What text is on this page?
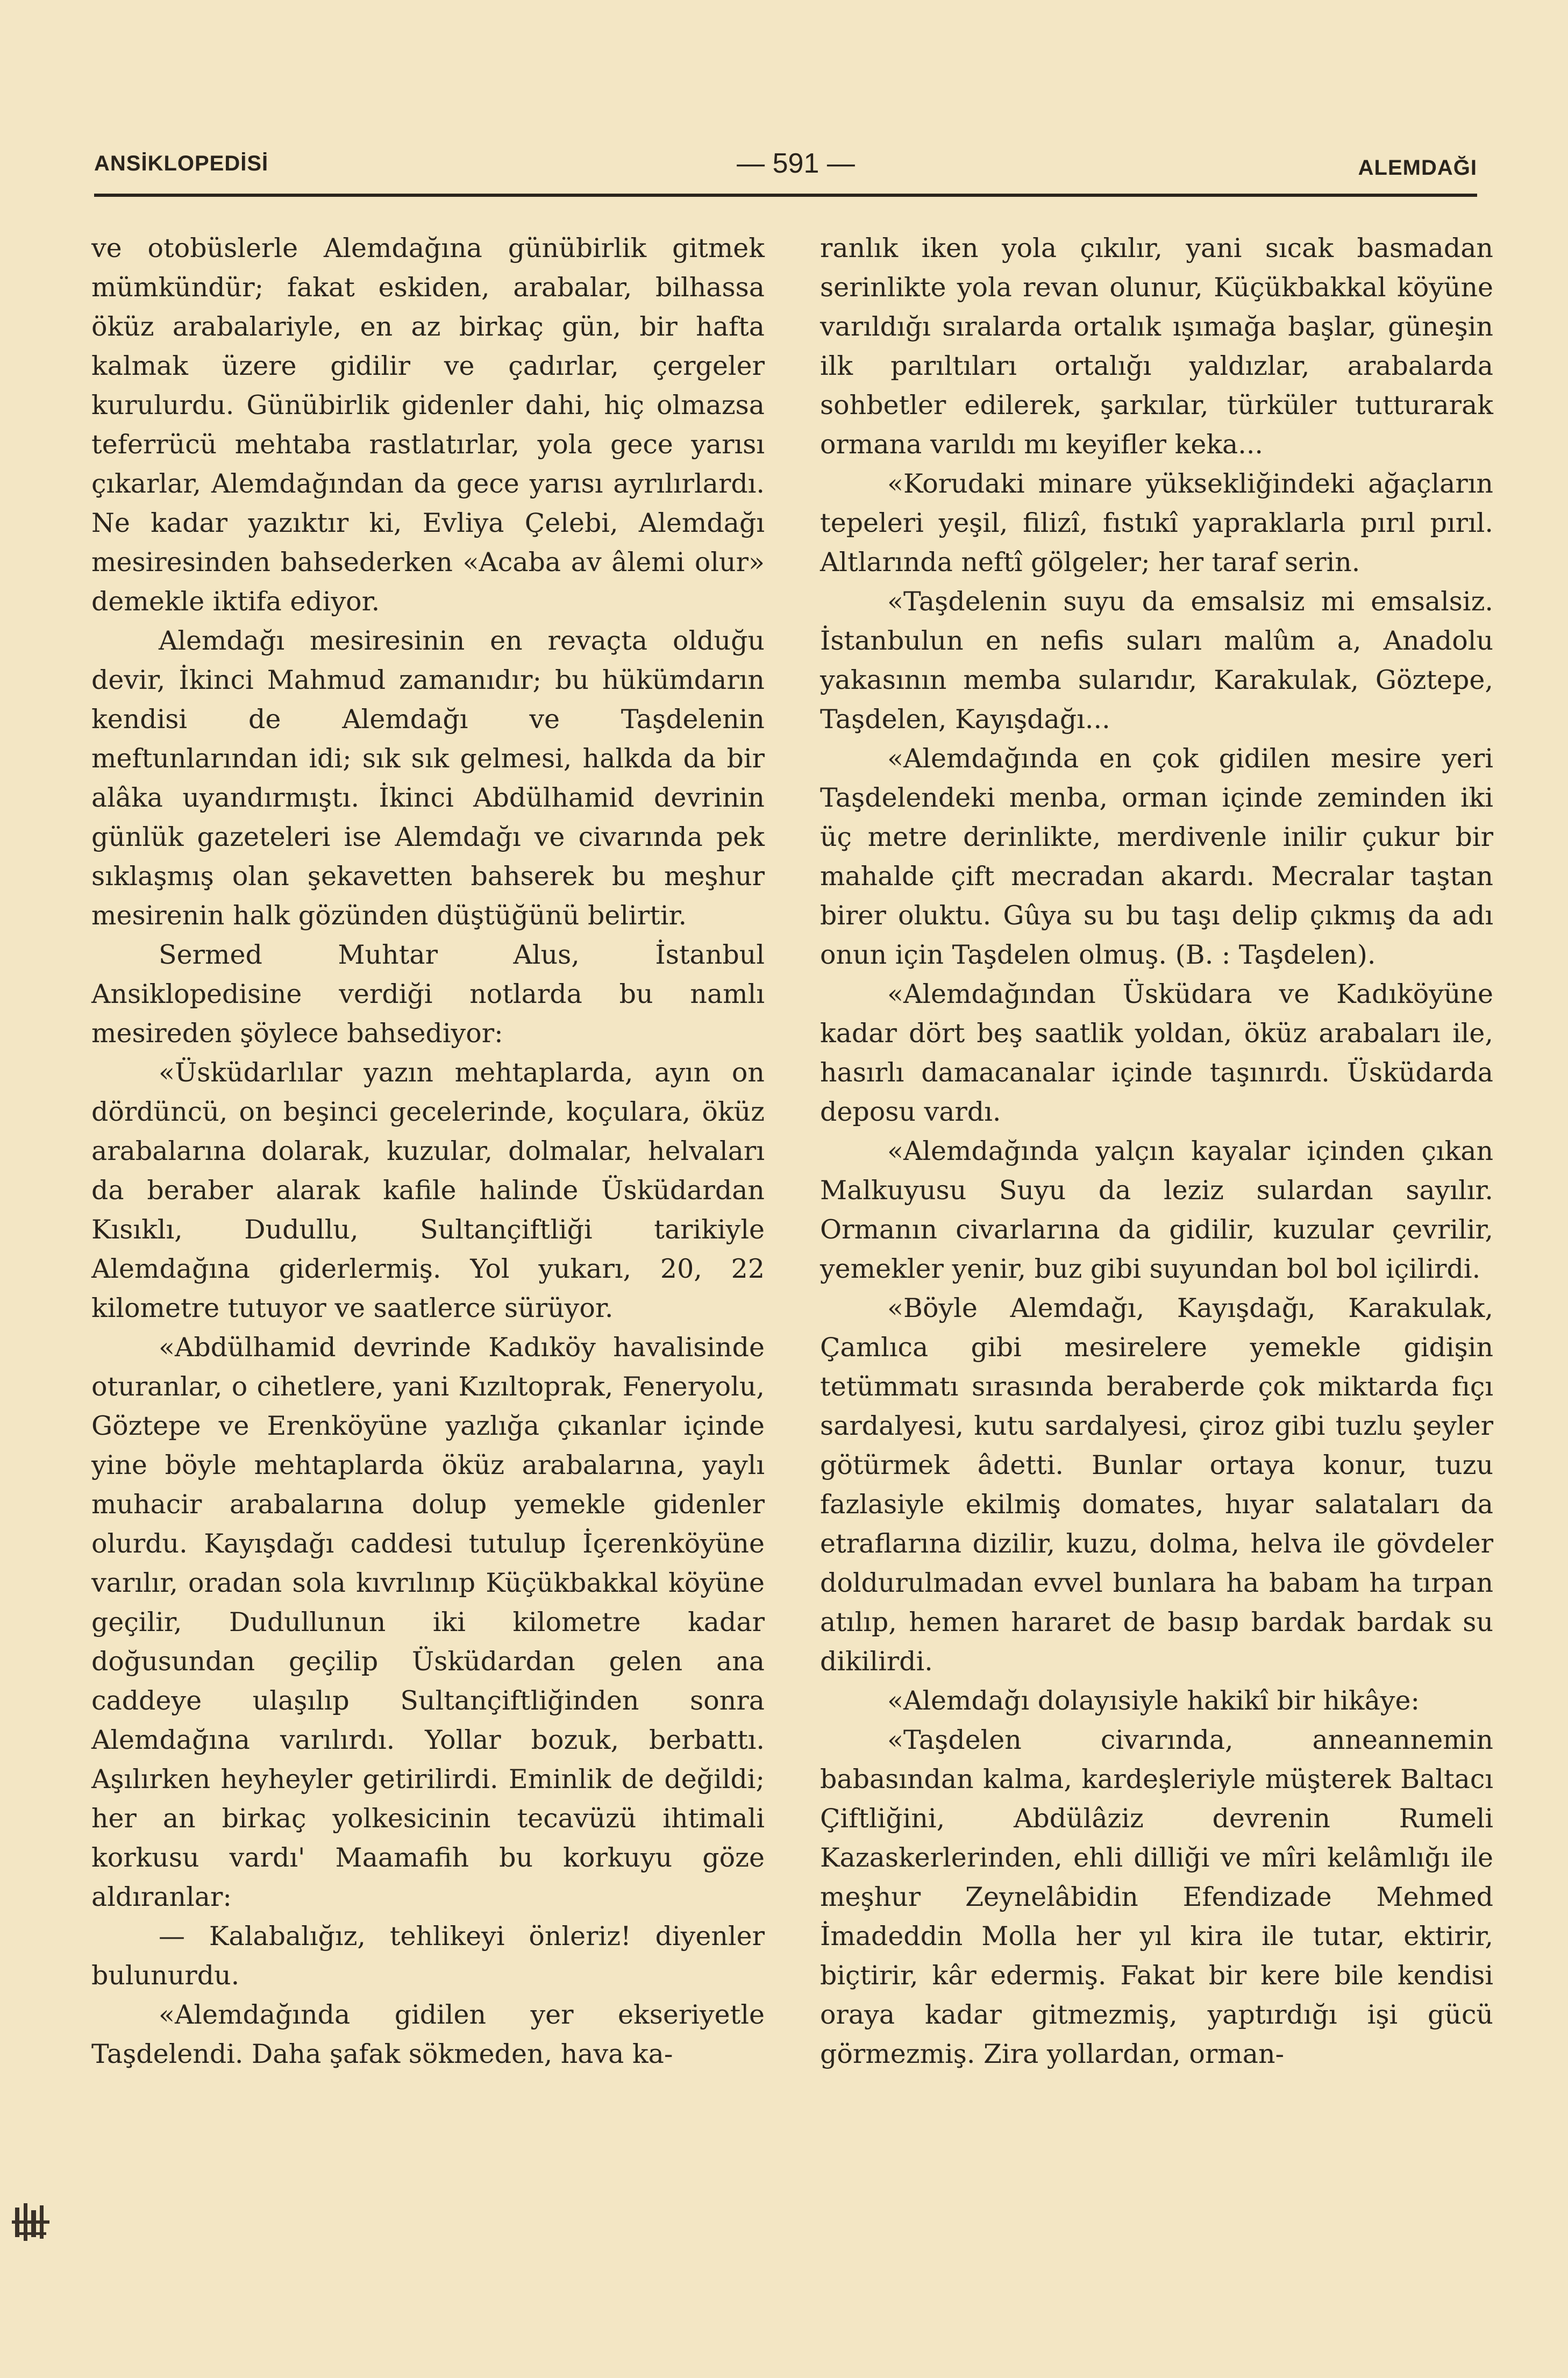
ANSİKLOPEDİSİ	— 591 —	ALEMDAĞI

ve otobüslerle Alemdağına günübirlik gitmek mümkündür; fakat eskiden, arabalar, bilhassa öküz arabalariyle, en az birkaç gün, bir hafta kalmak üzere gidilir ve çadırlar, çergeler kurulurdu. Günübirlik gidenler dahi, hiç olmazsa teferrücü mehtaba rastlatırlar, yola gece yarısı çıkarlar, Alemdağından da gece yarısı ayrılırlardı. Ne kadar yazıktır ki, Evliya Çelebi, Alemdağı mesiresinden bahsederken «Acaba av âlemi olur» demekle iktifa ediyor.

Alemdağı mesiresinin en revaçta olduğu devir, İkinci Mahmud zamanıdır; bu hükümdarın kendisi de Alemdağı ve Taşdelenin meftunlarından idi; sık sık gelmesi, halkda da bir alâka uyandırmıştı. İkinci Abdülhamid devrinin günlük gazeteleri ise Alemdağı ve civarında pek sıklaşmış olan şekavetten bahserek bu meşhur mesirenin halk gözünden düştüğünü belirtir.

Sermed Muhtar Alus, İstanbul Ansiklopedisine verdiği notlarda bu namlı mesireden şöylece bahsediyor:

«Üsküdarlılar yazın mehtaplarda, ayın on dördüncü, on beşinci gecelerinde, koçulara, öküz arabalarına dolarak, kuzular, dolmalar, helvaları da beraber alarak kafile halinde Üsküdardan Kısıklı, Dudullu, Sultançiftliği tarikiyle Alemdağına giderlermiş. Yol yukarı, 20, 22 kilometre tutuyor ve saatlerce sürüyor.

«Abdülhamid devrinde Kadıköy havalisinde oturanlar, o cihetlere, yani Kızıltoprak, Feneryolu, Göztepe ve Erenköyüne yazlığa çıkanlar içinde yine böyle mehtaplarda öküz arabalarına, yaylı muhacir arabalarına dolup yemekle gidenler olurdu. Kayışdağı caddesi tutulup İçerenköyüne varılır, oradan sola kıvrılınıp Küçükbakkal köyüne geçilir, Dudullunun iki kilometre kadar doğusundan geçilip Üsküdardan gelen ana caddeye ulaşılıp Sultançiftliğinden sonra Alemdağına varılırdı. Yollar bozuk, berbattı. Aşılırken heyheyler getirilirdi. Eminlik de değildi; her an birkaç yolkesicinin tecavüzü ihtimali korkusu vardı' Maamafih bu korkuyu göze aldıranlar:

— Kalabalığız, tehlikeyi önleriz! diyenler bulunurdu.

«Alemdağında gidilen yer ekseriyetle Taşdelendi. Daha şafak sökmeden, hava ka-

ranlık iken yola çıkılır, yani sıcak basmadan serinlikte yola revan olunur, Küçükbakkal köyüne varıldığı sıralarda ortalık ışımağa başlar, güneşin ilk parıltıları ortalığı yaldızlar, arabalarda sohbetler edilerek, şarkılar, türküler tutturarak ormana varıldı mı keyifler keka...

«Korudaki minare yüksekliğindeki ağaçların tepeleri yeşil, filizî, fıstıkî yapraklarla pırıl pırıl. Altlarında neftî gölgeler; her taraf serin.

«Taşdelenin suyu da emsalsiz mi emsalsiz. İstanbulun en nefis suları malûm a, Anadolu yakasının memba sularıdır, Karakulak, Göztepe, Taşdelen, Kayışdağı...

«Alemdağında en çok gidilen mesire yeri Taşdelendeki menba, orman içinde zeminden iki üç metre derinlikte, merdivenle inilir çukur bir mahalde çift mecradan akardı. Mecralar taştan birer oluktu. Gûya su bu taşı delip çıkmış da adı onun için Taşdelen olmuş. (B. : Taşdelen).

«Alemdağından Üsküdara ve Kadıköyüne kadar dört beş saatlik yoldan, öküz arabaları ile, hasırlı damacanalar içinde taşınırdı. Üsküdarda deposu vardı.

«Alemdağında yalçın kayalar içinden çıkan Malkuyusu Suyu da leziz sulardan sayılır. Ormanın civarlarına da gidilir, kuzular çevrilir, yemekler yenir, buz gibi suyundan bol bol içilirdi.

«Böyle Alemdağı, Kayışdağı, Karakulak, Çamlıca gibi mesirelere yemekle gidişin tetümmatı sırasında beraberde çok miktarda fıçı sardalyesi, kutu sardalyesi, çiroz gibi tuzlu şeyler götürmek âdetti. Bunlar ortaya konur, tuzu fazlasiyle ekilmiş domates, hıyar salataları da etraflarına dizilir, kuzu, dolma, helva ile gövdeler doldurulmadan evvel bunlara ha babam ha tırpan atılıp, hemen hararet de basıp bardak bardak su dikilirdi.

«Alemdağı dolayısiyle hakikî bir hikâye:

«Taşdelen civarında, anneannemin babasından kalma, kardeşleriyle müşterek Baltacı Çiftliğini, Abdülâziz devrenin Rumeli Kazaskerlerinden, ehli dilliği ve mîri kelâmlığı ile meşhur Zeynelâbidin Efendizade Mehmed İmadeddin Molla her yıl kira ile tutar, ektirir, biçtirir, kâr edermiş. Fakat bir kere bile kendisi oraya kadar gitmezmiş, yaptırdığı işi gücü görmezmiş. Zira yollardan, orman-
